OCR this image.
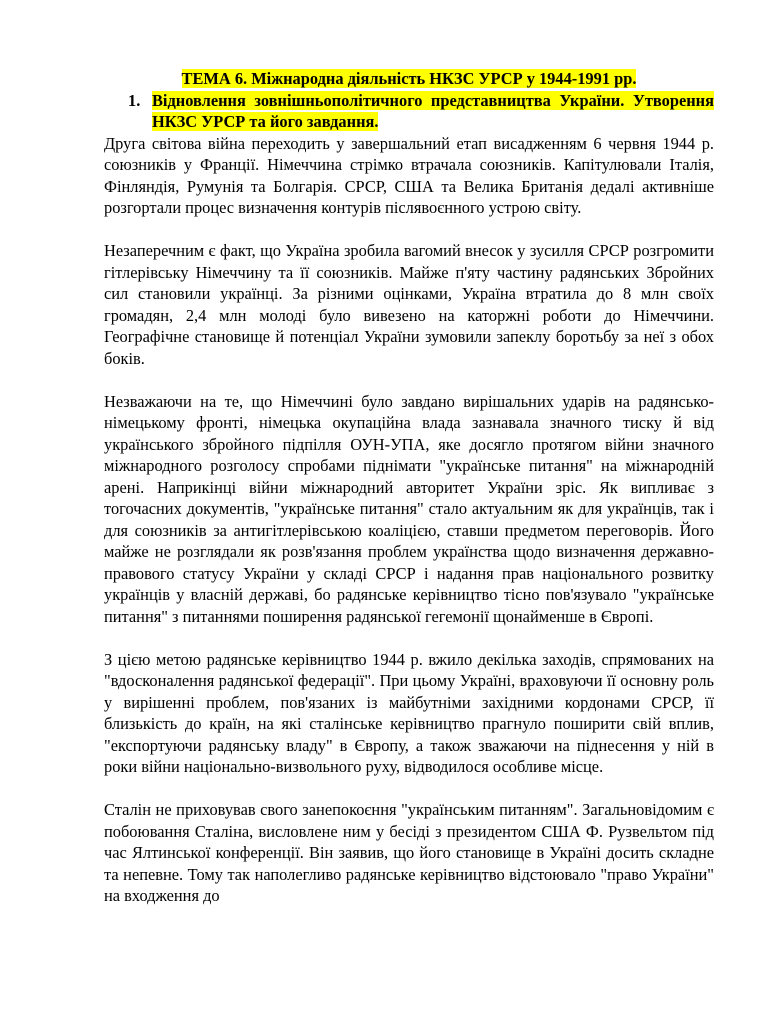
ТЕМА 6. Міжнародна діяльність НКЗС УРСР у 1944-1991 рр.

1. Відновлення зовнішньополітичного представництва України. Утворення НКЗС УРСР та його завдання.

Друга світова війна переходить у завершальний етап висадженням 6 червня 1944 р. союзників у Франції. Німеччина стрімко втрачала союзників. Капітулювали Італія, Фінляндія, Румунія та Болгарія. СРСР, США та Велика Британія дедалі активніше розгортали процес визначення контурів післявоєнного устрою світу.

Незаперечним є факт, що Україна зробила вагомий внесок у зусилля СРСР розгромити гітлерівську Німеччину та її союзників. Майже п'яту частину радянських Збройних сил становили українці. За різними оцінками, Україна втратила до 8 млн своїх громадян, 2,4 млн молоді було вивезено на каторжні роботи до Німеччини. Географічне становище й потенціал України зумовили запеклу боротьбу за неї з обох боків.

Незважаючи на те, що Німеччині було завдано вирішальних ударів на радянсько-німецькому фронті, німецька окупаційна влада зазнавала значного тиску й від українського збройного підпілля ОУН-УПА, яке досягло протягом війни значного міжнародного розголосу спробами піднімати "українське питання" на міжнародній арені. Наприкінці війни міжнародний авторитет України зріс. Як випливає з тогочасних документів, "українське питання" стало актуальним як для українців, так і для союзників за антигітлерівською коаліцією, ставши предметом переговорів. Його майже не розглядали як розв'язання проблем українства щодо визначення державно-правового статусу України у складі СРСР і надання прав національного розвитку українців у власній державі, бо радянське керівництво тісно пов'язувало "українське питання" з питаннями поширення радянської гегемонії щонайменше в Європі.

З цією метою радянське керівництво 1944 р. вжило декілька заходів, спрямованих на "вдосконалення радянської федерації". При цьому Україні, враховуючи її основну роль у вирішенні проблем, пов'язаних із майбутніми західними кордонами СРСР, її близькість до країн, на які сталінське керівництво прагнуло поширити свій вплив, "експортуючи радянську владу" в Європу, а також зважаючи на піднесення у ній в роки війни національно-визвольного руху, відводилося особливе місце.

Сталін не приховував свого занепокоєння "українським питанням". Загальновідомим є побоювання Сталіна, висловлене ним у бесіді з президентом США Ф. Рузвельтом під час Ялтинської конференції. Він заявив, що його становище в Україні досить складне та непевне. Тому так наполегливо радянське керівництво відстоювало "право України" на входження до
